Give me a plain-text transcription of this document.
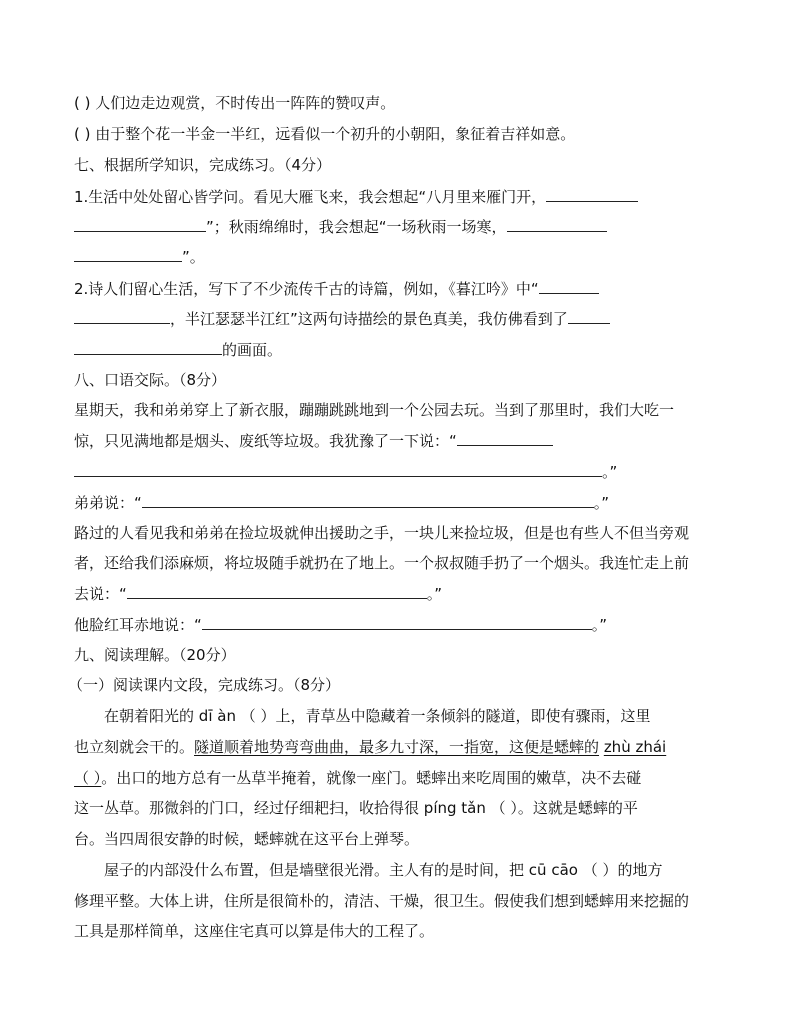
( ) 人们边走边观赏，不时传出一阵阵的赞叹声。
( ) 由于整个花一半金一半红，远看似一个初升的小朝阳，象征着吉祥如意。
七、根据所学知识，完成练习。（4分）
1.生活中处处留心皆学问。看见大雁飞来，我会想起“八月里来雁门开，
”；秋雨绵绵时，我会想起“一场秋雨一场寒，
”。
2.诗人们留心生活，写下了不少流传千古的诗篇，例如，《暮江吟》中“
，半江瑟瑟半江红”这两句诗描绘的景色真美，我仿佛看到了
的画面。
八、口语交际。（8分）
星期天，我和弟弟穿上了新衣服，蹦蹦跳跳地到一个公园去玩。当到了那里时，我们大吃一
惊，只见满地都是烟头、废纸等垃圾。我犹豫了一下说：“
。”
弟弟说：“	。”
路过的人看见我和弟弟在捡垃圾就伸出援助之手，一块儿来捡垃圾，但是也有些人不但当旁观
者，还给我们添麻烦，将垃圾随手就扔在了地上。一个叔叔随手扔了一个烟头。我连忙走上前
去说：“	。”
他脸红耳赤地说：“	。”
九、阅读理解。（20分）
（一）阅读课内文段，完成练习。（8分）
在朝着阳光的 dī àn （ ）上，青草丛中隐藏着一条倾斜的隧道，即使有骤雨，这里
也立刻就会干的。隧道顺着地势弯弯曲曲，最多九寸深，一指宽，这便是蟋蟀的 zhù zhái
（ ）。出口的地方总有一丛草半掩着，就像一座门。蟋蟀出来吃周围的嫩草，决不去碰
这一丛草。那微斜的门口，经过仔细耙扫，收拾得很 píng tǎn （ ）。这就是蟋蟀的平
台。当四周很安静的时候，蟋蟀就在这平台上弹琴。
屋子的内部没什么布置，但是墙壁很光滑。主人有的是时间，把 cū cāo （ ）的地方
修理平整。大体上讲，住所是很简朴的，清洁、干燥，很卫生。假使我们想到蟋蟀用来挖掘的
工具是那样简单，这座住宅真可以算是伟大的工程了。
